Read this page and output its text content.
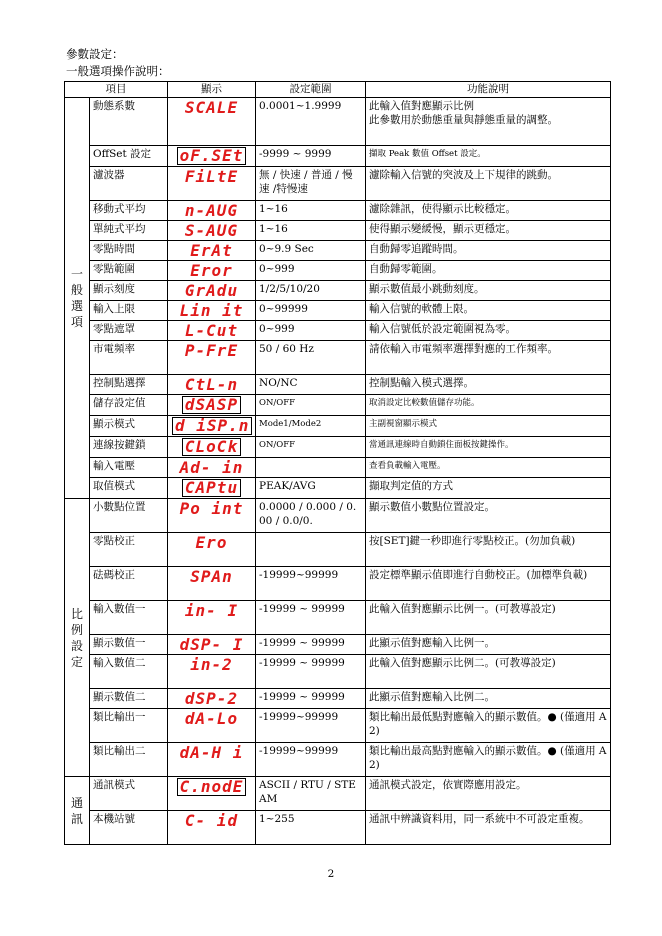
參數設定：
一般選項操作說明：
項目		顯示	設定範圍	功能說明
一
般
選
項	動態系數	SCALE	0.0001~1.9999	此輸入值對應顯示比例
此參數用於動態重量與靜態重量的調整。
	OffSet 設定	oF.SEt	-9999 ~ 9999	擷取 Peak 數值 Offset 設定。
	濾波器	FiLtE	無 / 快速 / 普通 / 慢速 /特慢速	濾除輸入信號的突波及上下規律的跳動。
	移動式平均	n-AUG	1~16	濾除雜訊，使得顯示比較穩定。
	單純式平均	S-AUG	1~16	使得顯示變緩慢，顯示更穩定。
	零點時間	ErAt	0~9.9 Sec	自動歸零追蹤時間。
	零點範圍	Eror	0~999	自動歸零範圍。
	顯示刻度	GrAdu	1/2/5/10/20	顯示數值最小跳動刻度。
	輸入上限	Lin it	0~99999	輸入信號的軟體上限。
	零點遮罩	L-Cut	0~999	輸入信號低於設定範圍視為零。
	市電頻率	P-FrE	50 / 60 Hz	請依輸入市電頻率選擇對應的工作頻率。
	控制點選擇	CtL-n	NO/NC	控制點輸入模式選擇。
	儲存設定值	dSASP	ON/OFF	取消設定比較數值儲存功能。
	顯示模式	d iSP.n	Mode1/Mode2	主副視窗顯示模式
	連線按鍵鎖	CLoCk	ON/OFF	當通訊連線時自動鎖住面板按鍵操作。
	輸入電壓	Ad- in		查看負載輸入電壓。
	取值模式	CAPtu	PEAK/AVG	擷取判定值的方式
比
例
設
定	小數點位置	Po int	0.0000 / 0.000 / 0.00 / 0.0/0.	顯示數值小數點位置設定。
	零點校正	Ero		按[SET]鍵一秒即進行零點校正。(勿加負載)
	砝碼校正	SPAn	-19999~99999	設定標準顯示值即進行自動校正。(加標準負載)
	輸入數值一	in- I	-19999 ~ 99999	此輸入值對應顯示比例一。(可教導設定)
	顯示數值一	dSP- I	-19999 ~ 99999	此顯示值對應輸入比例一。
	輸入數值二	in-2	-19999 ~ 99999	此輸入值對應顯示比例二。(可教導設定)
	顯示數值二	dSP-2	-19999 ~ 99999	此顯示值對應輸入比例二。
	類比輸出一	dA-Lo	-19999~99999	類比輸出最低點對應輸入的顯示數值。● (僅適用 A2)
	類比輸出二	dA-H i	-19999~99999	類比輸出最高點對應輸入的顯示數值。● (僅適用 A2)
通
訊	通訊模式	C.nodE	ASCII / RTU / STEAM	通訊模式設定，依實際應用設定。
	本機站號	C- id	1~255	通訊中辨識資料用，同一系統中不可設定重複。
2
